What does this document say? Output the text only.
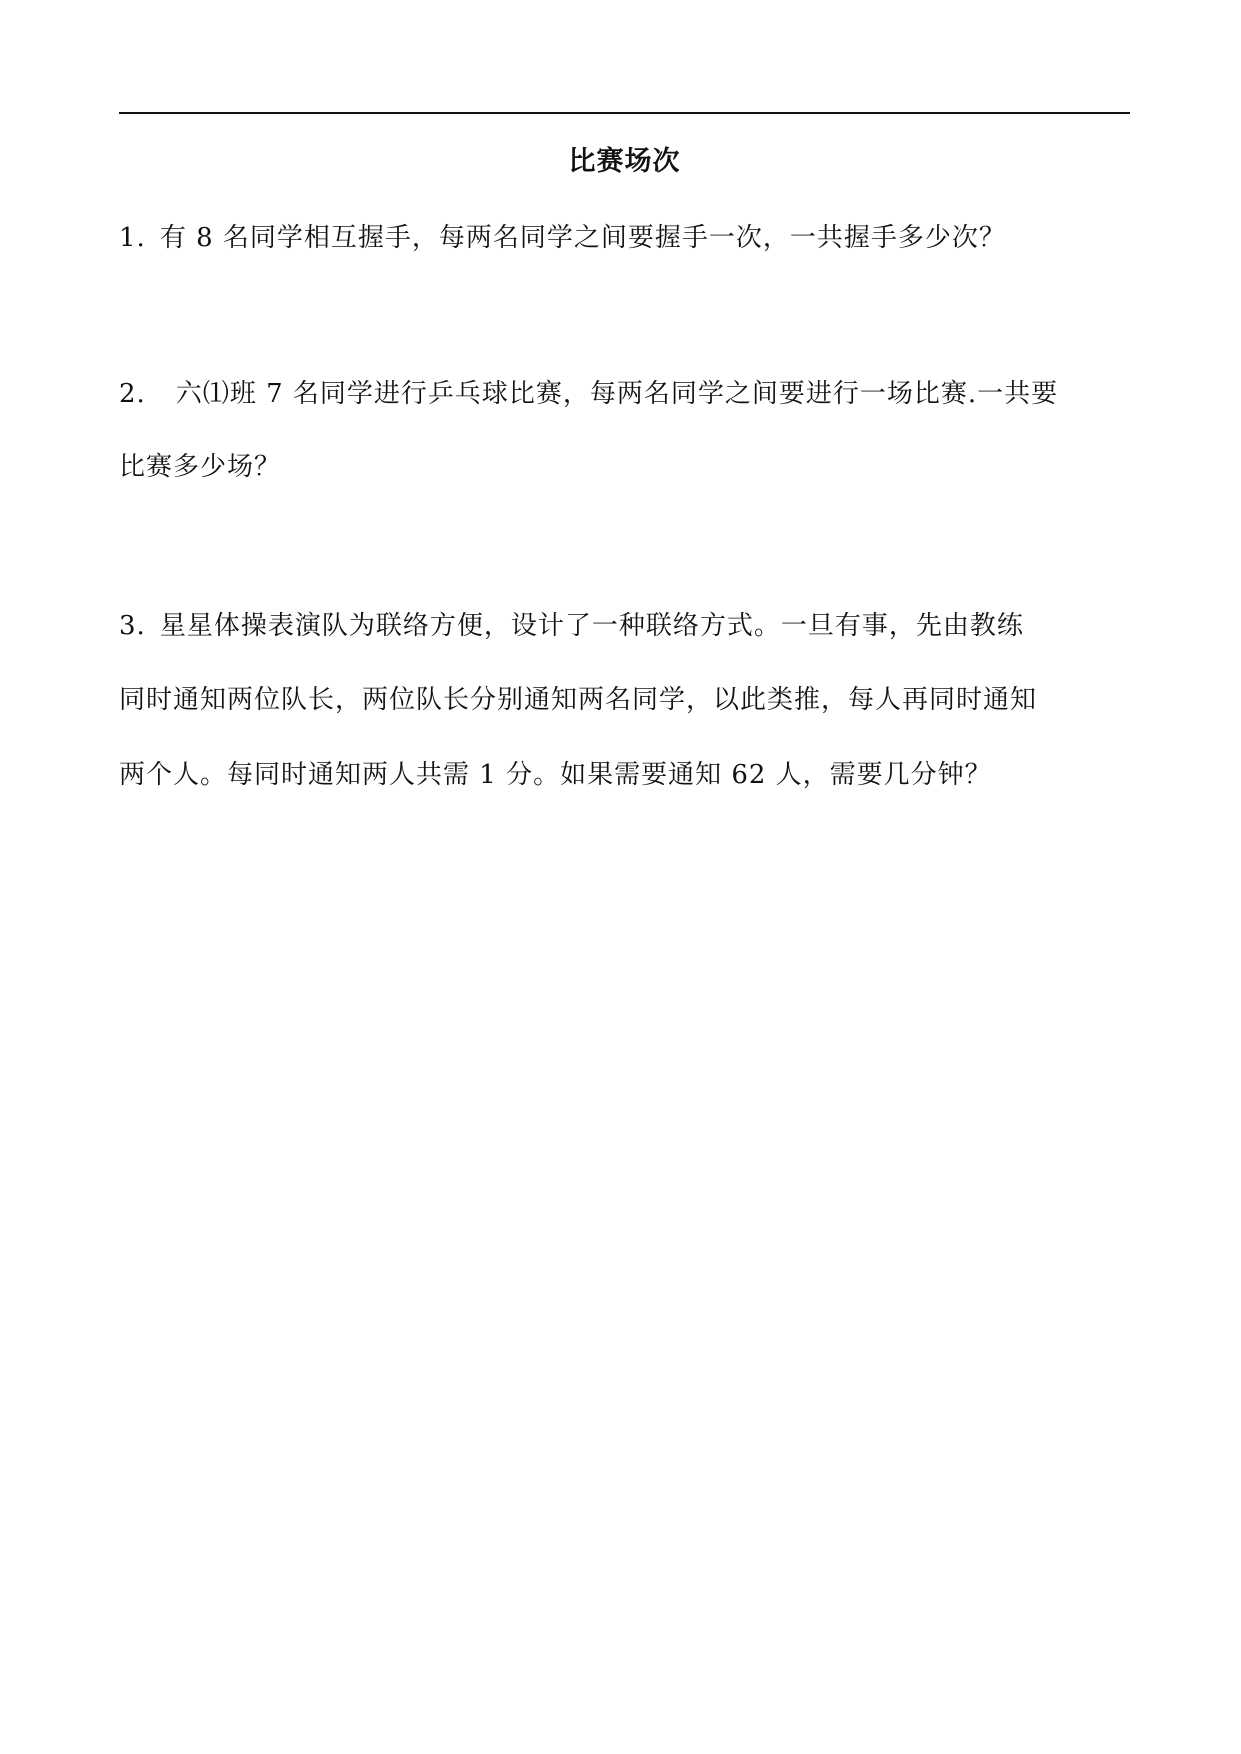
比赛场次
1. 有 8 名同学相互握手，每两名同学之间要握手一次，一共握手多少次？
2. 六⑴班 7 名同学进行乒乓球比赛，每两名同学之间要进行一场比赛.一共要
比赛多少场？
3. 星星体操表演队为联络方便，设计了一种联络方式。一旦有事，先由教练
同时通知两位队长，两位队长分别通知两名同学，以此类推，每人再同时通知
两个人。每同时通知两人共需 1 分。如果需要通知 62 人，需要几分钟？
